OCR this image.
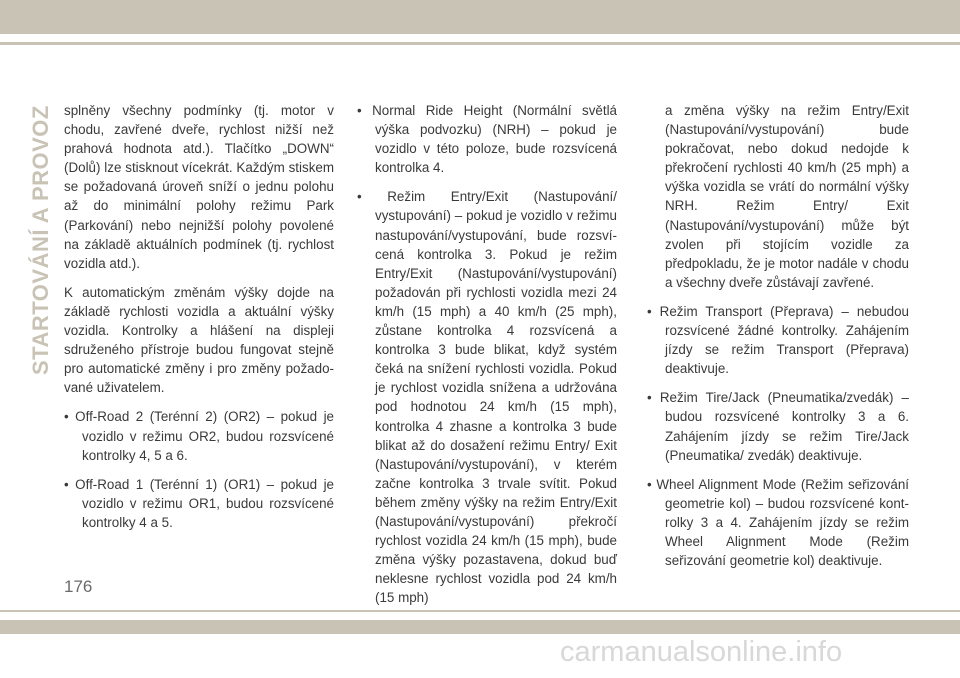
STARTOVÁNÍ A PROVOZ splněny všechny podmínky (tj. motor v chodu, zavřené dveře, rychlost nižší než prahová hodnota atd.). Tlačítko „DOWN“ (Dolů) lze stisknout vícekrát. Každým stiskem se požadovaná úroveň sníží o jednu polohu až do minimální polohy režimu Park (Parkování) nebo nejnižší polohy povolené na základě aktuálních podmínek (tj. rychlost vozidla atd.).

K automatickým změnám výšky dojde na základě rychlosti vozidla a aktuální výšky vozidla. Kontrolky a hlášení na displeji sdruženého přístroje budou fungovat stejně pro automatické změny i pro změny požadované uživatelem.

• Off-Road 2 (Terénní 2) (OR2) – pokud je vozidlo v režimu OR2, budou rozsvícené kontrolky 4, 5 a 6.

• Off-Road 1 (Terénní 1) (OR1) – pokud je vozidlo v režimu OR1, budou rozsvícené kontrolky 4 a 5.

• Normal Ride Height (Normální světlá výška podvozku) (NRH) – pokud je vozidlo v této poloze, bude rozsvícená kontrolka 4.

• Režim Entry/Exit (Nastupování/ vystupování) – pokud je vozidlo v režimu nastupování/vystupování, bude rozsvícená kontrolka 3. Pokud je režim Entry/Exit (Nastupování/vystupování) požadován při rychlosti vozidla mezi 24 km/h (15 mph) a 40 km/h (25 mph), zůstane kontrolka 4 rozsvícená a kontrolka 3 bude blikat, když systém čeká na snížení rychlosti vozidla. Pokud je rychlost vozidla snížena a udržována pod hodnotou 24 km/h (15 mph), kontrolka 4 zhasne a kontrolka 3 bude blikat až do dosažení režimu Entry/ Exit (Nastupování/vystupování), v kterém začne kontrolka 3 trvale svítit. Pokud během změny výšky na režim Entry/Exit (Nastupování/vystupování) překročí rychlost vozidla 24 km/h (15 mph), bude změna výšky pozastavena, dokud buď neklesne rychlost vozidla pod 24 km/h (15 mph)

a změna výšky na režim Entry/Exit (Nastupování/vystupování) bude pokračovat, nebo dokud nedojde k překročení rychlosti 40 km/h (25 mph) a výška vozidla se vrátí do normální výšky NRH. Režim Entry/ Exit (Nastupování/vystupování) může být zvolen při stojícím vozidle za předpokladu, že je motor nadále v chodu a všechny dveře zůstávají zavřené.

• Režim Transport (Přeprava) – nebudou rozsvícené žádné kontrolky. Zahájením jízdy se režim Transport (Přeprava) deaktivuje.

• Režim Tire/Jack (Pneumatika/zvedák) – budou rozsvícené kontrolky 3 a 6. Zahájením jízdy se režim Tire/Jack (Pneumatika/ zvedák) deaktivuje.

• Wheel Alignment Mode (Režim seřizování geometrie kol) – budou rozsvícené kontrolky 3 a 4. Zahájením jízdy se režim Wheel Alignment Mode (Režim seřizování geometrie kol) deaktivuje.

176
carmanualsonline.info
